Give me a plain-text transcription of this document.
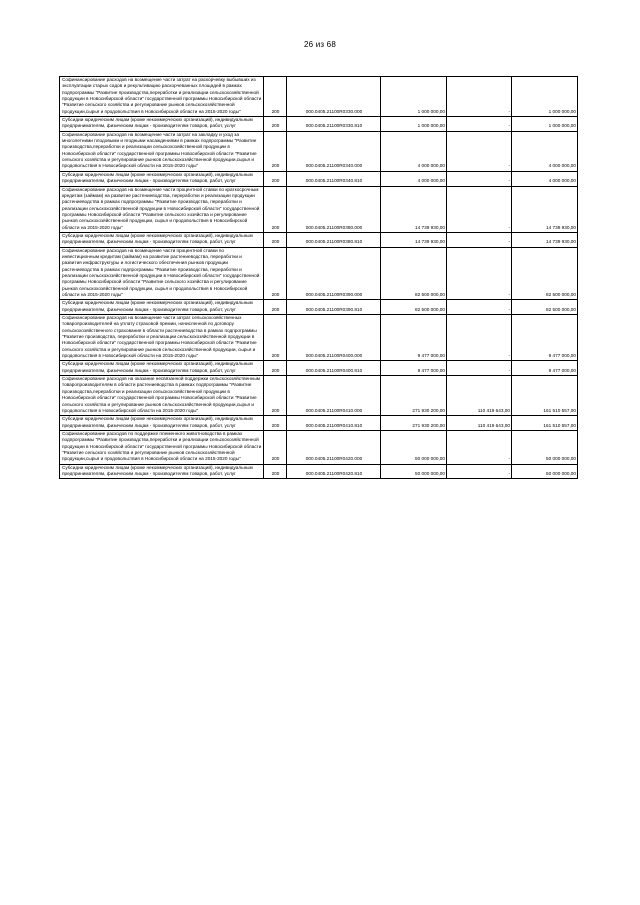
26 из 68
Софинансирование расходов на возмещение части затрат на раскорчевку выбывших из эксплуатации старых садов и рекультивацию раскорчеванных площадей в рамках подпрограммы "Развитие производства,переработки и реализации сельскохозяйственной продукции в Новосибирской области" государственной программы Новосибирской области "Развитие сельского хозяйства и регулирование рынков сельскохозяйственной продукции,сырья и продовольствия в Новосибирской области на 2015-2020 годы"	200	000.0405.21100R0330.000	1 000 000,00	-	1 000 000,00
Субсидии юридическим лицам (кроме некоммерческих организаций), индивидуальным предпринимателям, физическим лицам - производителям товаров, работ, услуг	200	000.0405.21100R0330.810	1 000 000,00	-	1 000 000,00
Софинансирование расходов на возмещение части затрат на закладку и уход за многолетними плодовыми и ягодными насаждениями в рамках подпрограммы "Развитие производства,переработки и реализации сельскохозяйственной продукции в Новосибирской области" государственной программы Новосибирской области "Развитие сельского хозяйства и регулирование рынков сельскохозяйственной продукции,сырья и продовольствия в Новосибирской области на 2015-2020 годы"	200	000.0405.21100R0340.000	4 000 000,00	-	4 000 000,00
Субсидии юридическим лицам (кроме некоммерческих организаций), индивидуальным предпринимателям, физическим лицам - производителям товаров, работ, услуг	200	000.0405.21100R0340.810	4 000 000,00	-	4 000 000,00
Софинансирование расходов на возмещение части процентной ставки по краткосрочным кредитам (займам) на развитие растениеводства, переработки и реализации продукции растениеводства в рамках подпрограммы "Развитие производства, переработки и реализации сельскохозяйственной продукции в Новосибирской области" государственной программы Новосибирской области "Развитие сельского хозяйства и регулирование рынков сельскохозяйственной продукции, сырья и продовольствия в Новосибирской области на 2015-2020 годы"	200	000.0405.21100R0380.000	14 739 930,00	-	14 739 930,00
Субсидии юридическим лицам (кроме некоммерческих организаций), индивидуальным предпринимателям, физическим лицам - производителям товаров, работ, услуг	200	000.0405.21100R0380.810	14 739 930,00	-	14 739 930,00
Софинансирование расходов на возмещение части процентной ставки по инвестиционным кредитам (займам) на развитие растениеводства, переработки и развития инфраструктуры и логистического обеспечения рынков продукции растениеводства в рамках подпрограммы "Развитие производства, переработки и реализации сельскохозяйственной продукции в Новосибирской области" государственной программы Новосибирской области "Развитие сельского хозяйства и регулирование рынков сельскохозяйственной продукции, сырья и продовольствия в Новосибирской области на 2015-2020 годы"	200	000.0405.21100R0390.000	82 500 000,00	-	82 500 000,00
Субсидии юридическим лицам (кроме некоммерческих организаций), индивидуальным предпринимателям, физическим лицам - производителям товаров, работ, услуг	200	000.0405.21100R0390.810	82 500 000,00	-	82 500 000,00
Софинансирование расходов на возмещение части затрат сельскохозяйственных товаропроизводителей на уплату страховой премии, начисленной по договору сельскохозяйственного страхования в области растениеводства в рамках подпрограммы "Развитие производства, переработки и реализации сельскохозяйственной продукции в Новосибирской области" государственной программы Новосибирской области "Развитие сельского хозяйства и регулирование рынков сельскохозяйственной продукции, сырья и продовольствия в Новосибирской области на 2015-2020 годы"	200	000.0405.21100R0400.000	9 477 000,00	-	9 477 000,00
Субсидии юридическим лицам (кроме некоммерческих организаций), индивидуальным предпринимателям, физическим лицам - производителям товаров, работ, услуг	200	000.0405.21100R0400.810	9 477 000,00	-	9 477 000,00
Софинансирование расходов на оказание несвязанной поддержки сельскохозяйственным товаропроизводителям в области растениеводства в рамках подпрограммы "Развитие производства,переработки и реализации сельскохозяйственной продукции в Новосибирской области" государственной программы Новосибирской области "Развитие сельского хозяйства и регулирование рынков сельскохозяйственной продукции,сырья и продовольствия в Новосибирской области на 2015-2020 годы"	200	000.0405.21100R0410.000	271 930 200,00	110 419 643,00	161 510 557,00
Субсидии юридическим лицам (кроме некоммерческих организаций), индивидуальным предпринимателям, физическим лицам - производителям товаров, работ, услуг	200	000.0405.21100R0410.810	271 930 200,00	110 419 643,00	161 510 557,00
Софинансирование расходов по поддержке племенного животноводства в рамках подпрограммы "Развитие производства,переработки и реализации сельскохозяйственной продукции в Новосибирской области" государственной программы Новосибирской области "Развитие сельского хозяйства и регулирование рынков сельскохозяйственной продукции,сырья и продовольствия в Новосибирской области на 2015-2020 годы"	200	000.0405.21100R0420.000	50 000 000,00	-	50 000 000,00
Субсидии юридическим лицам (кроме некоммерческих организаций), индивидуальным предпринимателям, физическим лицам - производителям товаров, работ, услуг	200	000.0405.21100R0420.810	50 000 000,00	-	50 000 000,00
